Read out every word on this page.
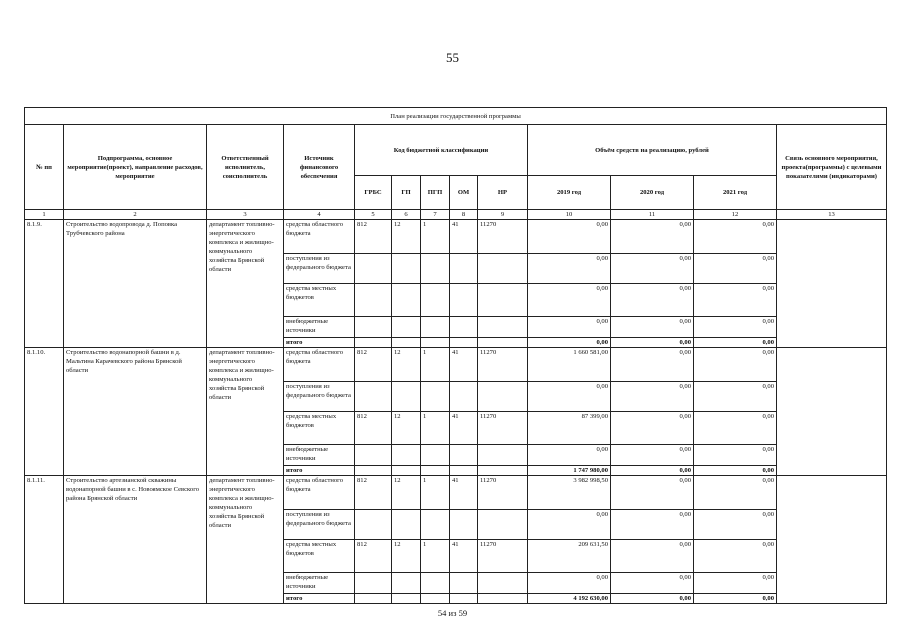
55
План реализации государственной программы												
№ пп	Подпрограмма, основное мероприятие(проект), направление расходов, мероприятие	Ответственный исполнитель, соисполнитель	Источник финансового обеспечения	Код бюджетной классификации					Объём средств на реализацию, рублей			Связь основного мероприятия, проекта(программы) с целевыми показателями (индикаторами)
				ГРБС	ГП	ПГП	ОМ	НР	2019 год	2020 год	2021 год	
1	2	3	4	5	6	7	8	9	10	11	12	13
8.1.9.	Строительство водопровода д. Поповка Трубчевского района	департамент топливно-энергетического комплекса и жилищно-коммунального хозяйства Брянской области	средства областного бюджета	812	12	1	41	11270	0,00	0,00	0,00	
			поступления из федерального бюджета						0,00	0,00	0,00	
			средства местных бюджетов						0,00	0,00	0,00	
			внебюджетные источники						0,00	0,00	0,00	
			итого						0,00	0,00	0,00	
8.1.10.	Строительство водонапорной башни в д. Мальтина Карачевского района Брянской области	департамент топливно-энергетического комплекса и жилищно-коммунального хозяйства Брянской области	средства областного бюджета	812	12	1	41	11270	1 660 581,00	0,00	0,00	
			поступления из федерального бюджета						0,00	0,00	0,00	
			средства местных бюджетов	812	12	1	41	11270	87 399,00	0,00	0,00	
			внебюджетные источники						0,00	0,00	0,00	
			итого						1 747 980,00	0,00	0,00	
8.1.11.	Строительство артезианской скважины водонапорной башни в с. Новоямское Севского района Брянской области	департамент топливно-энергетического комплекса и жилищно-коммунального хозяйства Брянской области	средства областного бюджета	812	12	1	41	11270	3 982 998,50	0,00	0,00	
			поступления из федерального бюджета						0,00	0,00	0,00	
			средства местных бюджетов	812	12	1	41	11270	209 631,50	0,00	0,00	
			внебюджетные источники						0,00	0,00	0,00	
			итого						4 192 630,00	0,00	0,00	
54 из 59
